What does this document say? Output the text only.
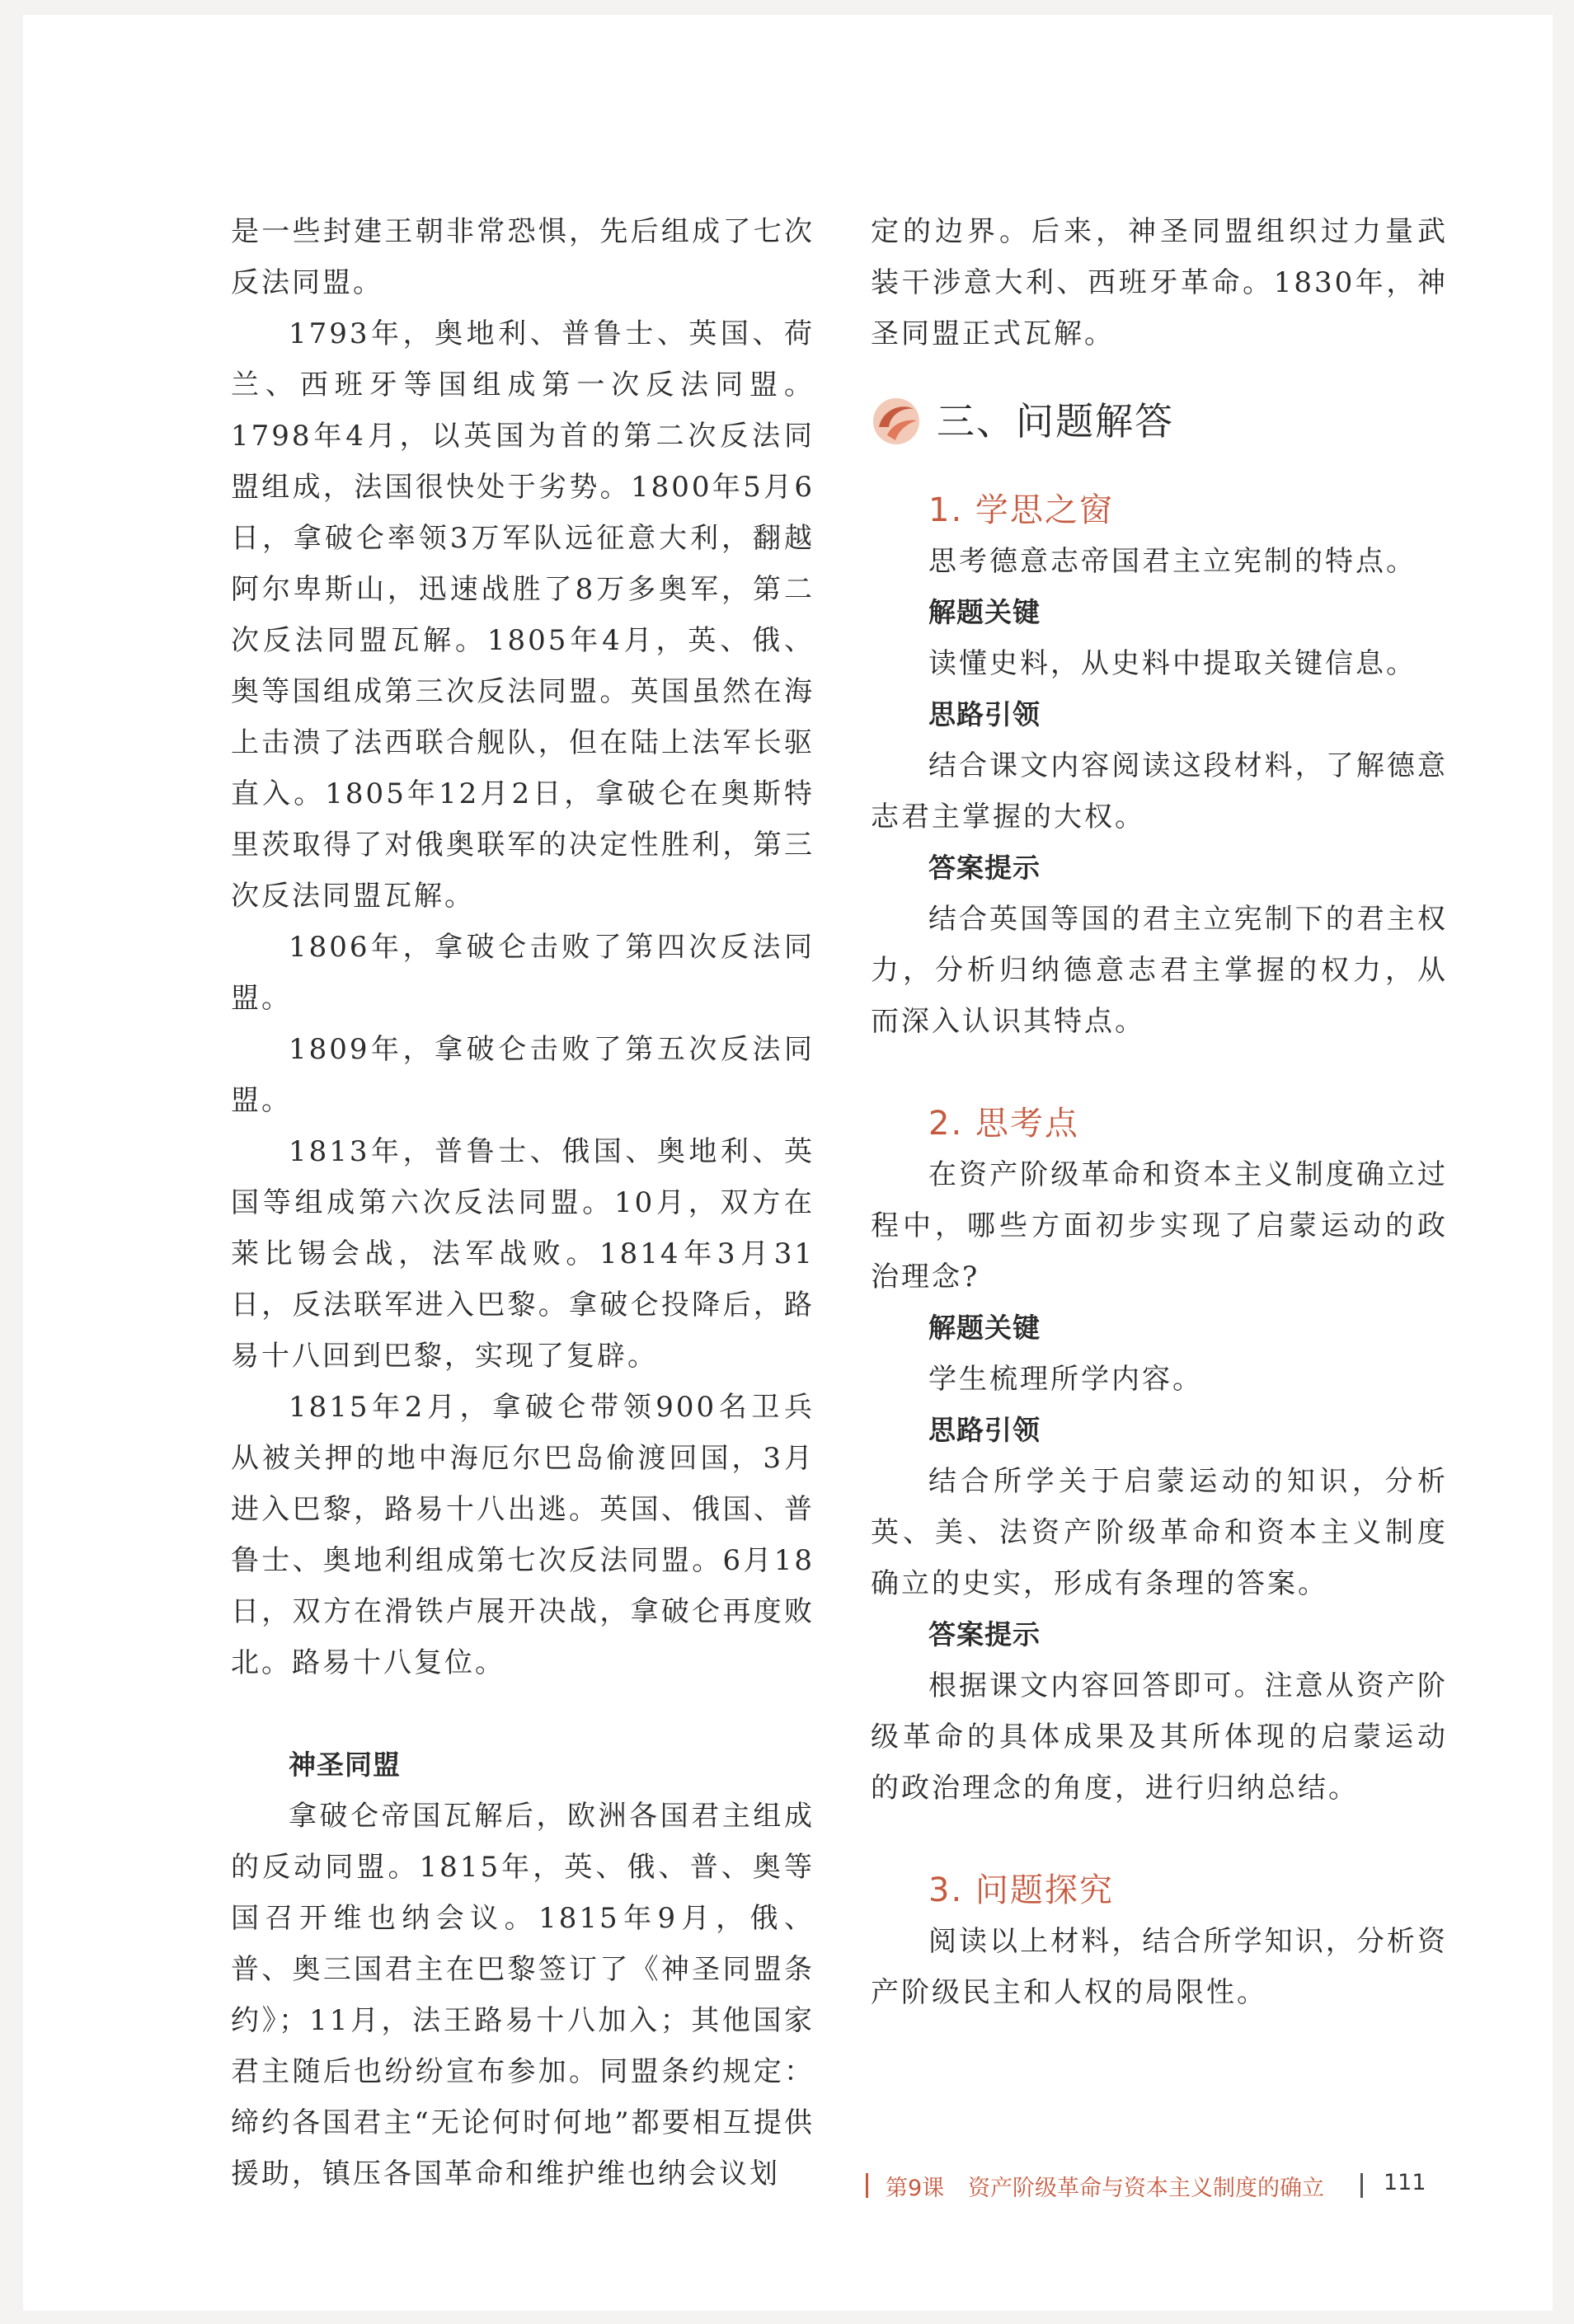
是一些封建王朝非常恐惧，先后组成了七次反法同盟。

1793年，奥地利、普鲁士、英国、荷兰、西班牙等国组成第一次反法同盟。1798年4月，以英国为首的第二次反法同盟组成，法国很快处于劣势。1800年5月6日，拿破仑率领3万军队远征意大利，翻越阿尔卑斯山，迅速战胜了8万多奥军，第二次反法同盟瓦解。1805年4月，英、俄、奥等国组成第三次反法同盟。英国虽然在海上击溃了法西联合舰队，但在陆上法军长驱直入。1805年12月2日，拿破仑在奥斯特里茨取得了对俄奥联军的决定性胜利，第三次反法同盟瓦解。

1806年，拿破仑击败了第四次反法同盟。

1809年，拿破仑击败了第五次反法同盟。

1813年，普鲁士、俄国、奥地利、英国等组成第六次反法同盟。10月，双方在莱比锡会战，法军战败。1814年3月31日，反法联军进入巴黎。拿破仑投降后，路易十八回到巴黎，实现了复辟。

1815年2月，拿破仑带领900名卫兵从被关押的地中海厄尔巴岛偷渡回国，3月进入巴黎，路易十八出逃。英国、俄国、普鲁士、奥地利组成第七次反法同盟。6月18日，双方在滑铁卢展开决战，拿破仑再度败北。路易十八复位。

神圣同盟

拿破仑帝国瓦解后，欧洲各国君主组成的反动同盟。1815年，英、俄、普、奥等国召开维也纳会议。1815年9月，俄、普、奥三国君主在巴黎签订了《神圣同盟条约》；11月，法王路易十八加入；其他国家君主随后也纷纷宣布参加。同盟条约规定：缔约各国君主“无论何时何地”都要相互提供援助，镇压各国革命和维护维也纳会议划

定的边界。后来，神圣同盟组织过力量武装干涉意大利、西班牙革命。1830年，神圣同盟正式瓦解。

三、问题解答

1. 学思之窗

思考德意志帝国君主立宪制的特点。

解题关键

读懂史料，从史料中提取关键信息。

思路引领

结合课文内容阅读这段材料，了解德意志君主掌握的大权。

答案提示

结合英国等国的君主立宪制下的君主权力，分析归纳德意志君主掌握的权力，从而深入认识其特点。

2. 思考点

在资产阶级革命和资本主义制度确立过程中，哪些方面初步实现了启蒙运动的政治理念?

解题关键

学生梳理所学内容。

思路引领

结合所学关于启蒙运动的知识，分析英、美、法资产阶级革命和资本主义制度确立的史实，形成有条理的答案。

答案提示

根据课文内容回答即可。注意从资产阶级革命的具体成果及其所体现的启蒙运动的政治理念的角度，进行归纳总结。

3. 问题探究

阅读以上材料，结合所学知识，分析资产阶级民主和人权的局限性。

第9课 资产阶级革命与资本主义制度的确立	111
